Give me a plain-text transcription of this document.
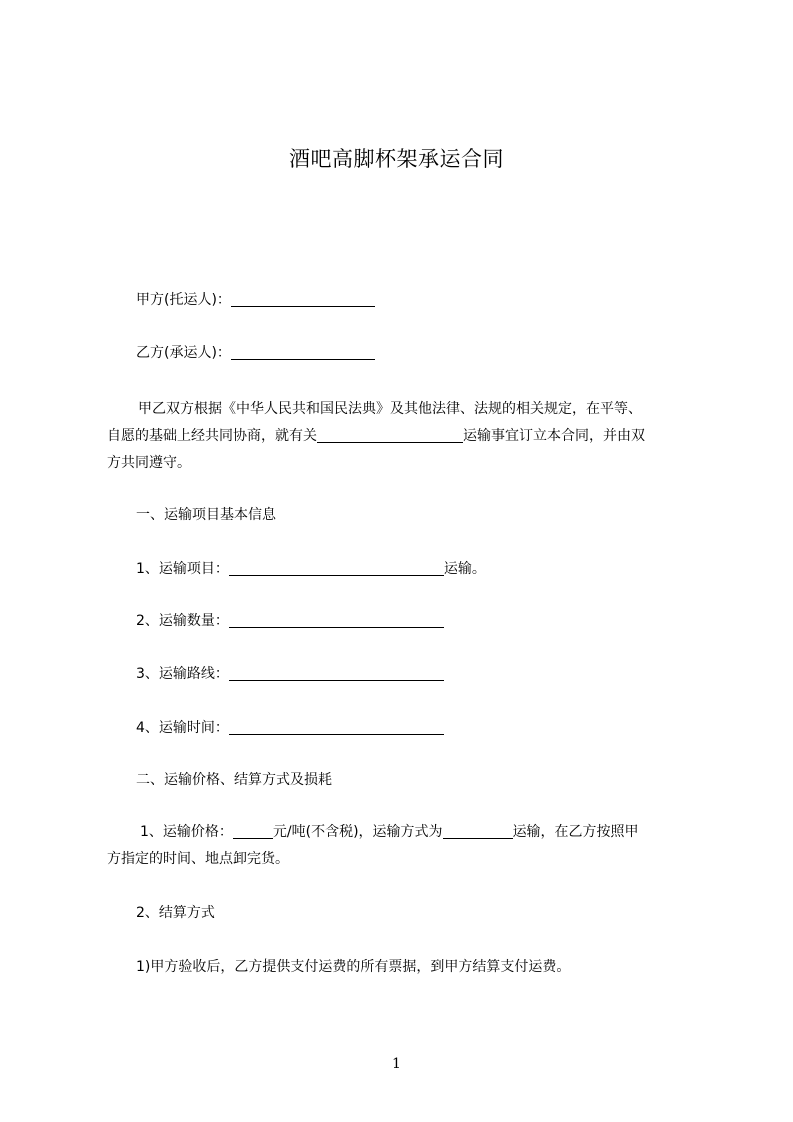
酒吧高脚杯架承运合同
甲方(托运人)：
乙方(承运人)：
甲乙双方根据《中华人民共和国民法典》及其他法律、法规的相关规定，在平等、
自愿的基础上经共同协商，就有关	运输事宜订立本合同，并由双
方共同遵守。
一、运输项目基本信息
1、运输项目：	运输。
2、运输数量：
3、运输路线：
4、运输时间：
二、运输价格、结算方式及损耗
1、运输价格：	元/吨(不含税)，运输方式为	运输，在乙方按照甲
方指定的时间、地点卸完货。
2、结算方式
1)甲方验收后，乙方提供支付运费的所有票据，到甲方结算支付运费。
1
